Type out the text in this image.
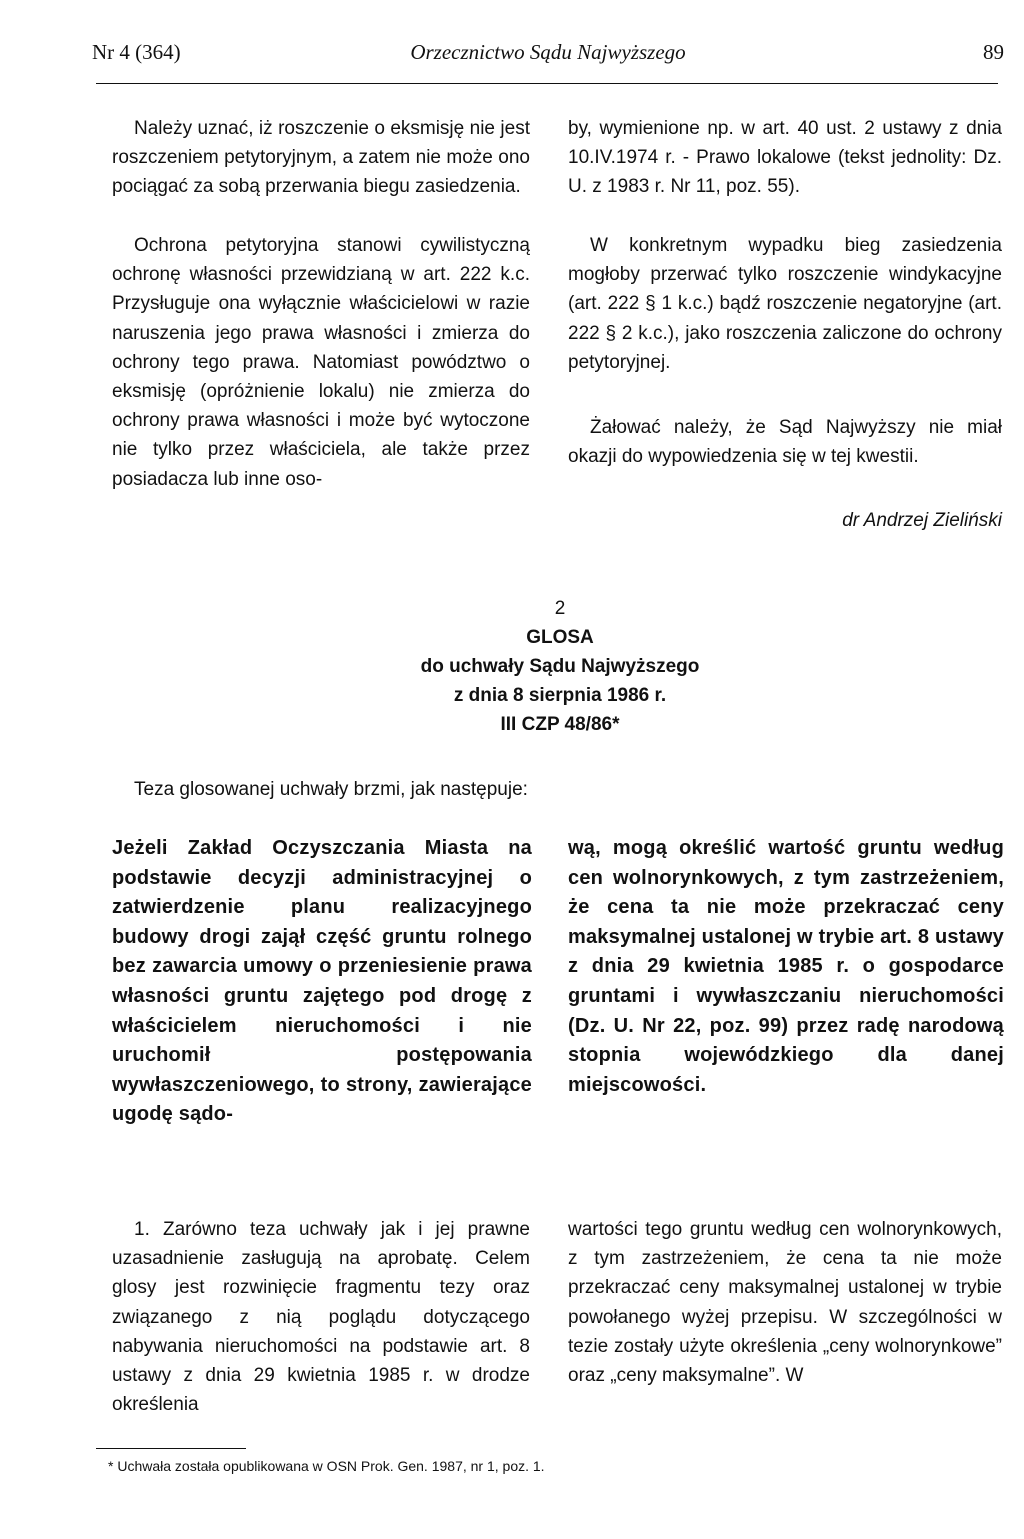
Nr 4 (364)	Orzecznictwo Sądu Najwyższego	89

Należy uznać, iż roszczenie o eksmisję nie jest roszczeniem petytoryjnym, a zatem nie może ono pociągać za sobą przerwania biegu zasiedzenia.

Ochrona petytoryjna stanowi cywilistyczną ochronę własności przewidzianą w art. 222 k.c. Przysługuje ona wyłącznie właścicielowi w razie naruszenia jego prawa własności i zmierza do ochrony tego prawa. Natomiast powództwo o eksmisję (opróżnienie lokalu) nie zmierza do ochrony prawa własności i może być wytoczone nie tylko przez właściciela, ale także przez posiadacza lub inne oso-

by, wymienione np. w art. 40 ust. 2 ustawy z dnia 10.IV.1974 r. - Prawo lokalowe (tekst jednolity: Dz. U. z 1983 r. Nr 11, poz. 55).

W konkretnym wypadku bieg zasiedzenia mogłoby przerwać tylko roszczenie windykacyjne (art. 222 § 1 k.c.) bądź roszczenie negatoryjne (art. 222 § 2 k.c.), jako roszczenia zaliczone do ochrony petytoryjnej.

Żałować należy, że Sąd Najwyższy nie miał okazji do wypowiedzenia się w tej kwestii.

dr Andrzej Zieliński
2
GLOSA
do uchwały Sądu Najwyższego
z dnia 8 sierpnia 1986 r.
III CZP 48/86*

Teza glosowanej uchwały brzmi, jak następuje:

Jeżeli Zakład Oczyszczania Miasta na podstawie decyzji administracyjnej o zatwierdzenie planu realizacyjnego budowy drogi zajął część gruntu rolnego bez zawarcia umowy o przeniesienie prawa własności gruntu zajętego pod drogę z właścicielem nieruchomości i nie uruchomił postępowania wywłaszczeniowego, to strony, zawierające ugodę sądo-

wą, mogą określić wartość gruntu według cen wolnorynkowych, z tym zastrzeżeniem, że cena ta nie może przekraczać ceny maksymalnej ustalonej w trybie art. 8 ustawy z dnia 29 kwietnia 1985 r. o gospodarce gruntami i wywłaszczaniu nieruchomości (Dz. U. Nr 22, poz. 99) przez radę narodową stopnia wojewódzkiego dla danej miejscowości.

1. Zarówno teza uchwały jak i jej prawne uzasadnienie zasługują na aprobatę. Celem glosy jest rozwinięcie fragmentu tezy oraz związanego z nią poglądu dotyczącego nabywania nieruchomości na podstawie art. 8 ustawy z dnia 29 kwietnia 1985 r. w drodze określenia

wartości tego gruntu według cen wolnorynkowych, z tym zastrzeżeniem, że cena ta nie może przekraczać ceny maksymalnej ustalonej w trybie powołanego wyżej przepisu. W szczególności w tezie zostały użyte określenia „ceny wolnorynkowe” oraz „ceny maksymalne”. W

* Uchwała została opublikowana w OSN Prok. Gen. 1987, nr 1, poz. 1.
